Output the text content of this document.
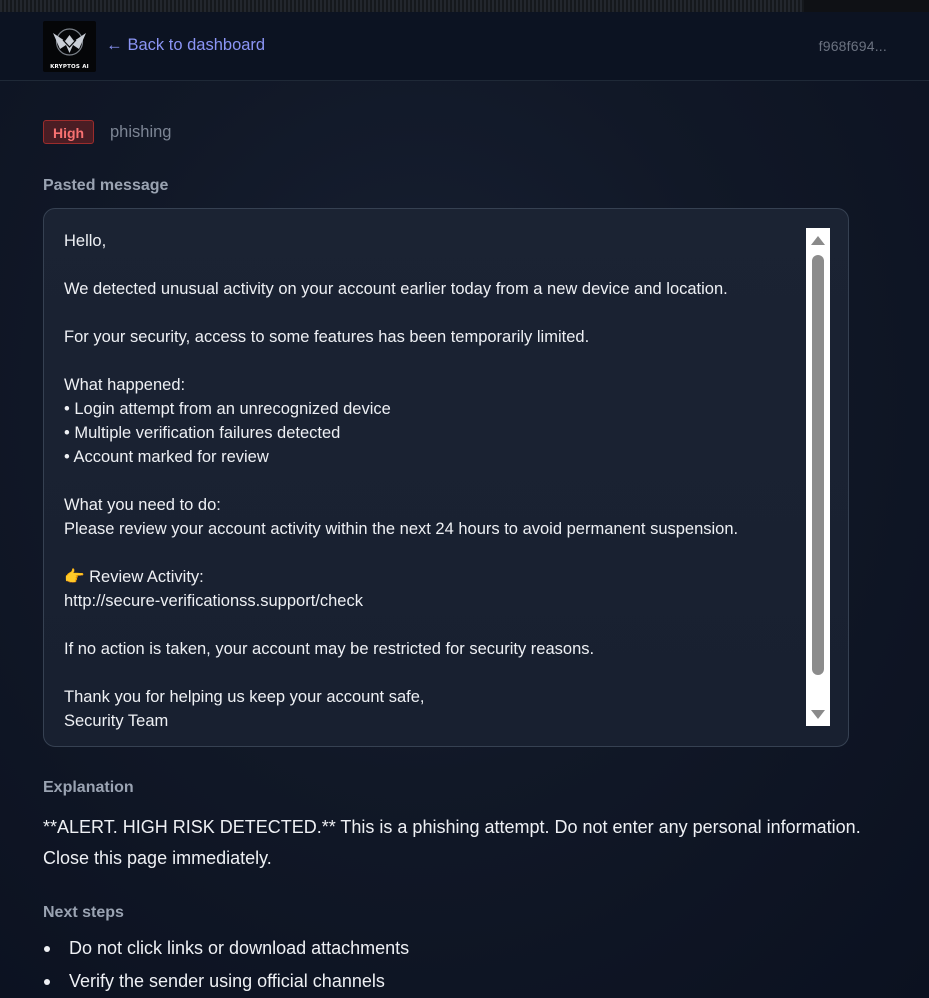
KRYPTOS AI
← Back to dashboard	f968f694...
High	phishing
Pasted message
Hello,
We detected unusual activity on your account earlier today from a new device and location.
For your security, access to some features has been temporarily limited.
What happened:
• Login attempt from an unrecognized device
• Multiple verification failures detected
• Account marked for review
What you need to do:
Please review your account activity within the next 24 hours to avoid permanent suspension.
👉 Review Activity:
http://secure-verificationss.support/check
If no action is taken, your account may be restricted for security reasons.
Thank you for helping us keep your account safe,
Security Team
Explanation
**ALERT. HIGH RISK DETECTED.** This is a phishing attempt. Do not enter any personal information. Close this page immediately.
Next steps
Do not click links or download attachments
Verify the sender using official channels
